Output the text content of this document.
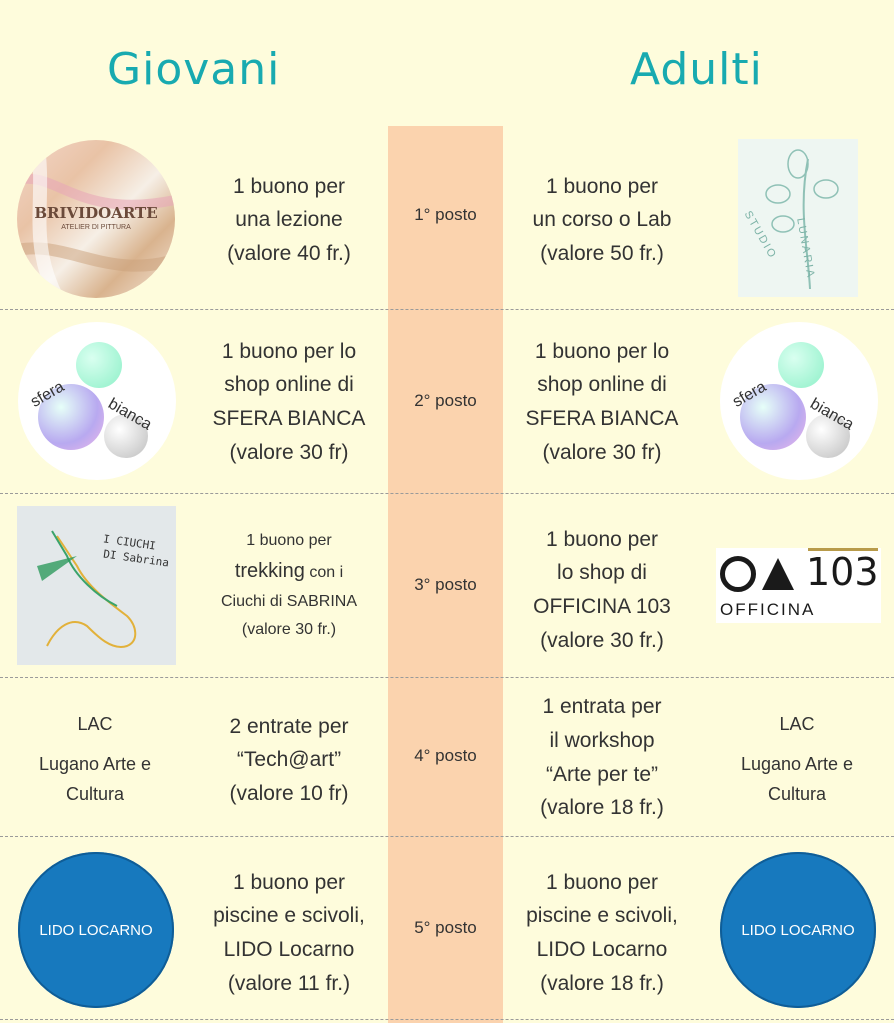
Giovani	Adulti
BRIVIDOARTE
ATELIER DI PITTURA
1 buono per
una lezione
(valore 40 fr.)
1° posto
1 buono per
un corso o Lab
(valore 50 fr.)	LUNARIA
STUDIO
sfera
bianca
1 buono per lo
shop online di
SFERA BIANCA
(valore 30 fr)
2° posto
1 buono per lo
shop online di
SFERA BIANCA
(valore 30 fr)
sfera
bianca
I CIUCHI
DI Sabrina
1 buono per
trekking con i
Ciuchi di SABRINA
(valore 30 fr.)
3° posto
1 buono per
lo shop di
OFFICINA 103
(valore 30 fr.)
103
OFFICINA
LAC
Lugano Arte e
Cultura
2 entrate per
“Tech@art”
(valore 10 fr)
4° posto
1 entrata per
il workshop
“Arte per te”
(valore 18 fr.)
LAC
Lugano Arte e
Cultura
LIDO LOCARNO
1 buono per
piscine e scivoli,
LIDO Locarno
(valore 11 fr.)
5° posto
1 buono per
piscine e scivoli,
LIDO Locarno
(valore 18 fr.)
LIDO LOCARNO
